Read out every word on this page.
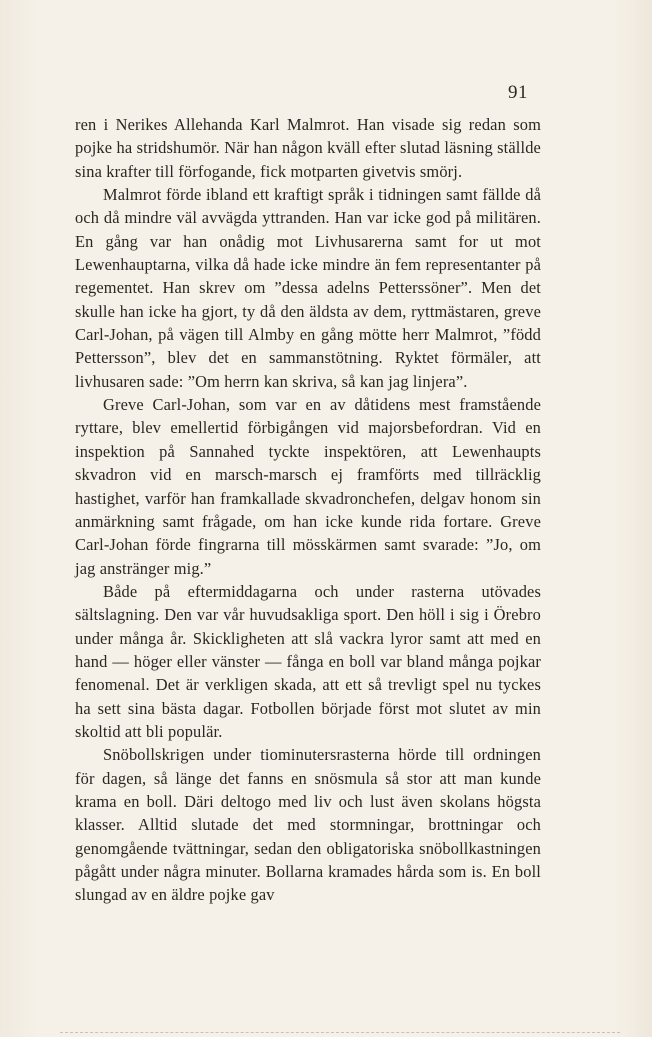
91

ren i Nerikes Allehanda Karl Malmrot. Han visade sig redan som pojke ha stridshumör. När han någon kväll efter slutad läsning ställde sina krafter till förfogande, fick motparten givetvis smörj.

Malmrot förde ibland ett kraftigt språk i tidningen samt fällde då och då mindre väl avvägda yttranden. Han var icke god på militären. En gång var han onådig mot Livhusarerna samt for ut mot Lewenhauptarna, vilka då hade icke mindre än fem representanter på regementet. Han skrev om ”dessa adelns Petterssöner”. Men det skulle han icke ha gjort, ty då den äldsta av dem, ryttmästaren, greve Carl-Johan, på vägen till Almby en gång mötte herr Malmrot, ”född Pettersson”, blev det en sammanstötning. Ryktet förmäler, att livhusaren sade: ”Om herrn kan skriva, så kan jag linjera”.

Greve Carl-Johan, som var en av dåtidens mest framstående ryttare, blev emellertid förbigången vid majorsbefordran. Vid en inspektion på Sannahed tyckte inspektören, att Lewenhaupts skvadron vid en marsch-marsch ej framförts med tillräcklig hastighet, varför han framkallade skvadronchefen, delgav honom sin anmärkning samt frågade, om han icke kunde rida fortare. Greve Carl-Johan förde fingrarna till mösskärmen samt svarade: ”Jo, om jag anstränger mig.”

Både på eftermiddagarna och under rasterna utövades sältslagning. Den var vår huvudsakliga sport. Den höll i sig i Örebro under många år. Skickligheten att slå vackra lyror samt att med en hand — höger eller vänster — fånga en boll var bland många pojkar fenomenal. Det är verkligen skada, att ett så trevligt spel nu tyckes ha sett sina bästa dagar. Fotbollen började först mot slutet av min skoltid att bli populär.

Snöbollskrigen under tiominutersrasterna hörde till ordningen för dagen, så länge det fanns en snösmula så stor att man kunde krama en boll. Däri deltogo med liv och lust även skolans högsta klasser. Alltid slutade det med stormningar, brottningar och genomgående tvättningar, sedan den obligatoriska snöbollkastningen pågått under några minuter. Bollarna kramades hårda som is. En boll slungad av en äldre pojke gav
